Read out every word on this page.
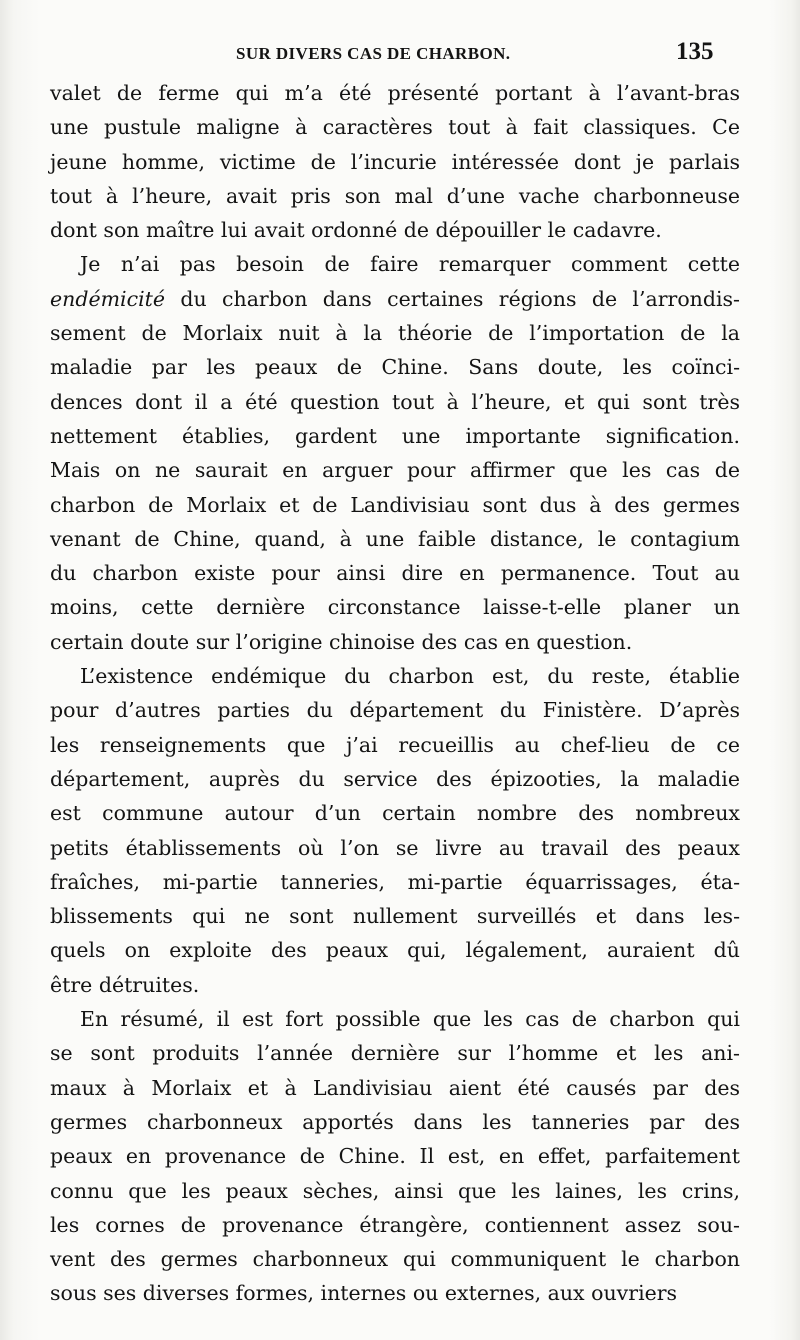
SUR DIVERS CAS DE CHARBON.	135
valet de ferme qui m’a été présenté portant à l’avant-bras
une pustule maligne à caractères tout à fait classiques. Ce
jeune homme, victime de l’incurie intéressée dont je parlais
tout à l’heure, avait pris son mal d’une vache charbonneuse
dont son maître lui avait ordonné de dépouiller le cadavre.
Je n’ai pas besoin de faire remarquer comment cette
endémicité du charbon dans certaines régions de l’arrondis-
sement de Morlaix nuit à la théorie de l’importation de la
maladie par les peaux de Chine. Sans doute, les coïnci-
dences dont il a été question tout à l’heure, et qui sont très
nettement établies, gardent une importante signification.
Mais on ne saurait en arguer pour affirmer que les cas de
charbon de Morlaix et de Landivisiau sont dus à des germes
venant de Chine, quand, à une faible distance, le contagium
du charbon existe pour ainsi dire en permanence. Tout au
moins, cette dernière circonstance laisse-t-elle planer un
certain doute sur l’origine chinoise des cas en question.
L’existence endémique du charbon est, du reste, établie
pour d’autres parties du département du Finistère. D’après
les renseignements que j’ai recueillis au chef-lieu de ce
département, auprès du service des épizooties, la maladie
est commune autour d’un certain nombre des nombreux
petits établissements où l’on se livre au travail des peaux
fraîches, mi-partie tanneries, mi-partie équarrissages, éta-
blissements qui ne sont nullement surveillés et dans les-
quels on exploite des peaux qui, légalement, auraient dû
être détruites.
En résumé, il est fort possible que les cas de charbon qui
se sont produits l’année dernière sur l’homme et les ani-
maux à Morlaix et à Landivisiau aient été causés par des
germes charbonneux apportés dans les tanneries par des
peaux en provenance de Chine. Il est, en effet, parfaitement
connu que les peaux sèches, ainsi que les laines, les crins,
les cornes de provenance étrangère, contiennent assez sou-
vent des germes charbonneux qui communiquent le charbon
sous ses diverses formes, internes ou externes, aux ouvriers
